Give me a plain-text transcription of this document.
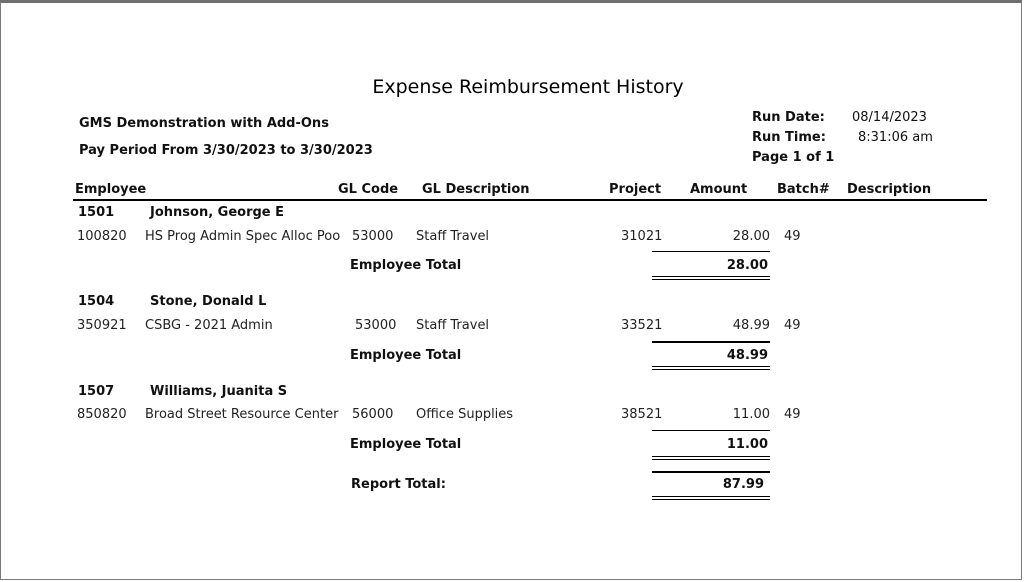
Expense Reimbursement History
GMS Demonstration with Add-Ons
Pay Period From 3/30/2023 to 3/30/2023
Run Date: 08/14/2023
Run Time: 8:31:06 am
Page 1 of 1
Employee	GL Code GL Description	Project Amount Batch# Description
1501	Johnson, George E
100820 HS Prog Admin Spec Alloc Poo 53000 Staff Travel	31021	28.00 49
Employee Total	28.00
1504	Stone, Donald L
350921 CSBG - 2021 Admin	53000 Staff Travel	33521	48.99 49
Employee Total	48.99
1507	Williams, Juanita S
850820 Broad Street Resource Center	56000 Office Supplies	38521	11.00 49
Employee Total	11.00
Report Total:	87.99
